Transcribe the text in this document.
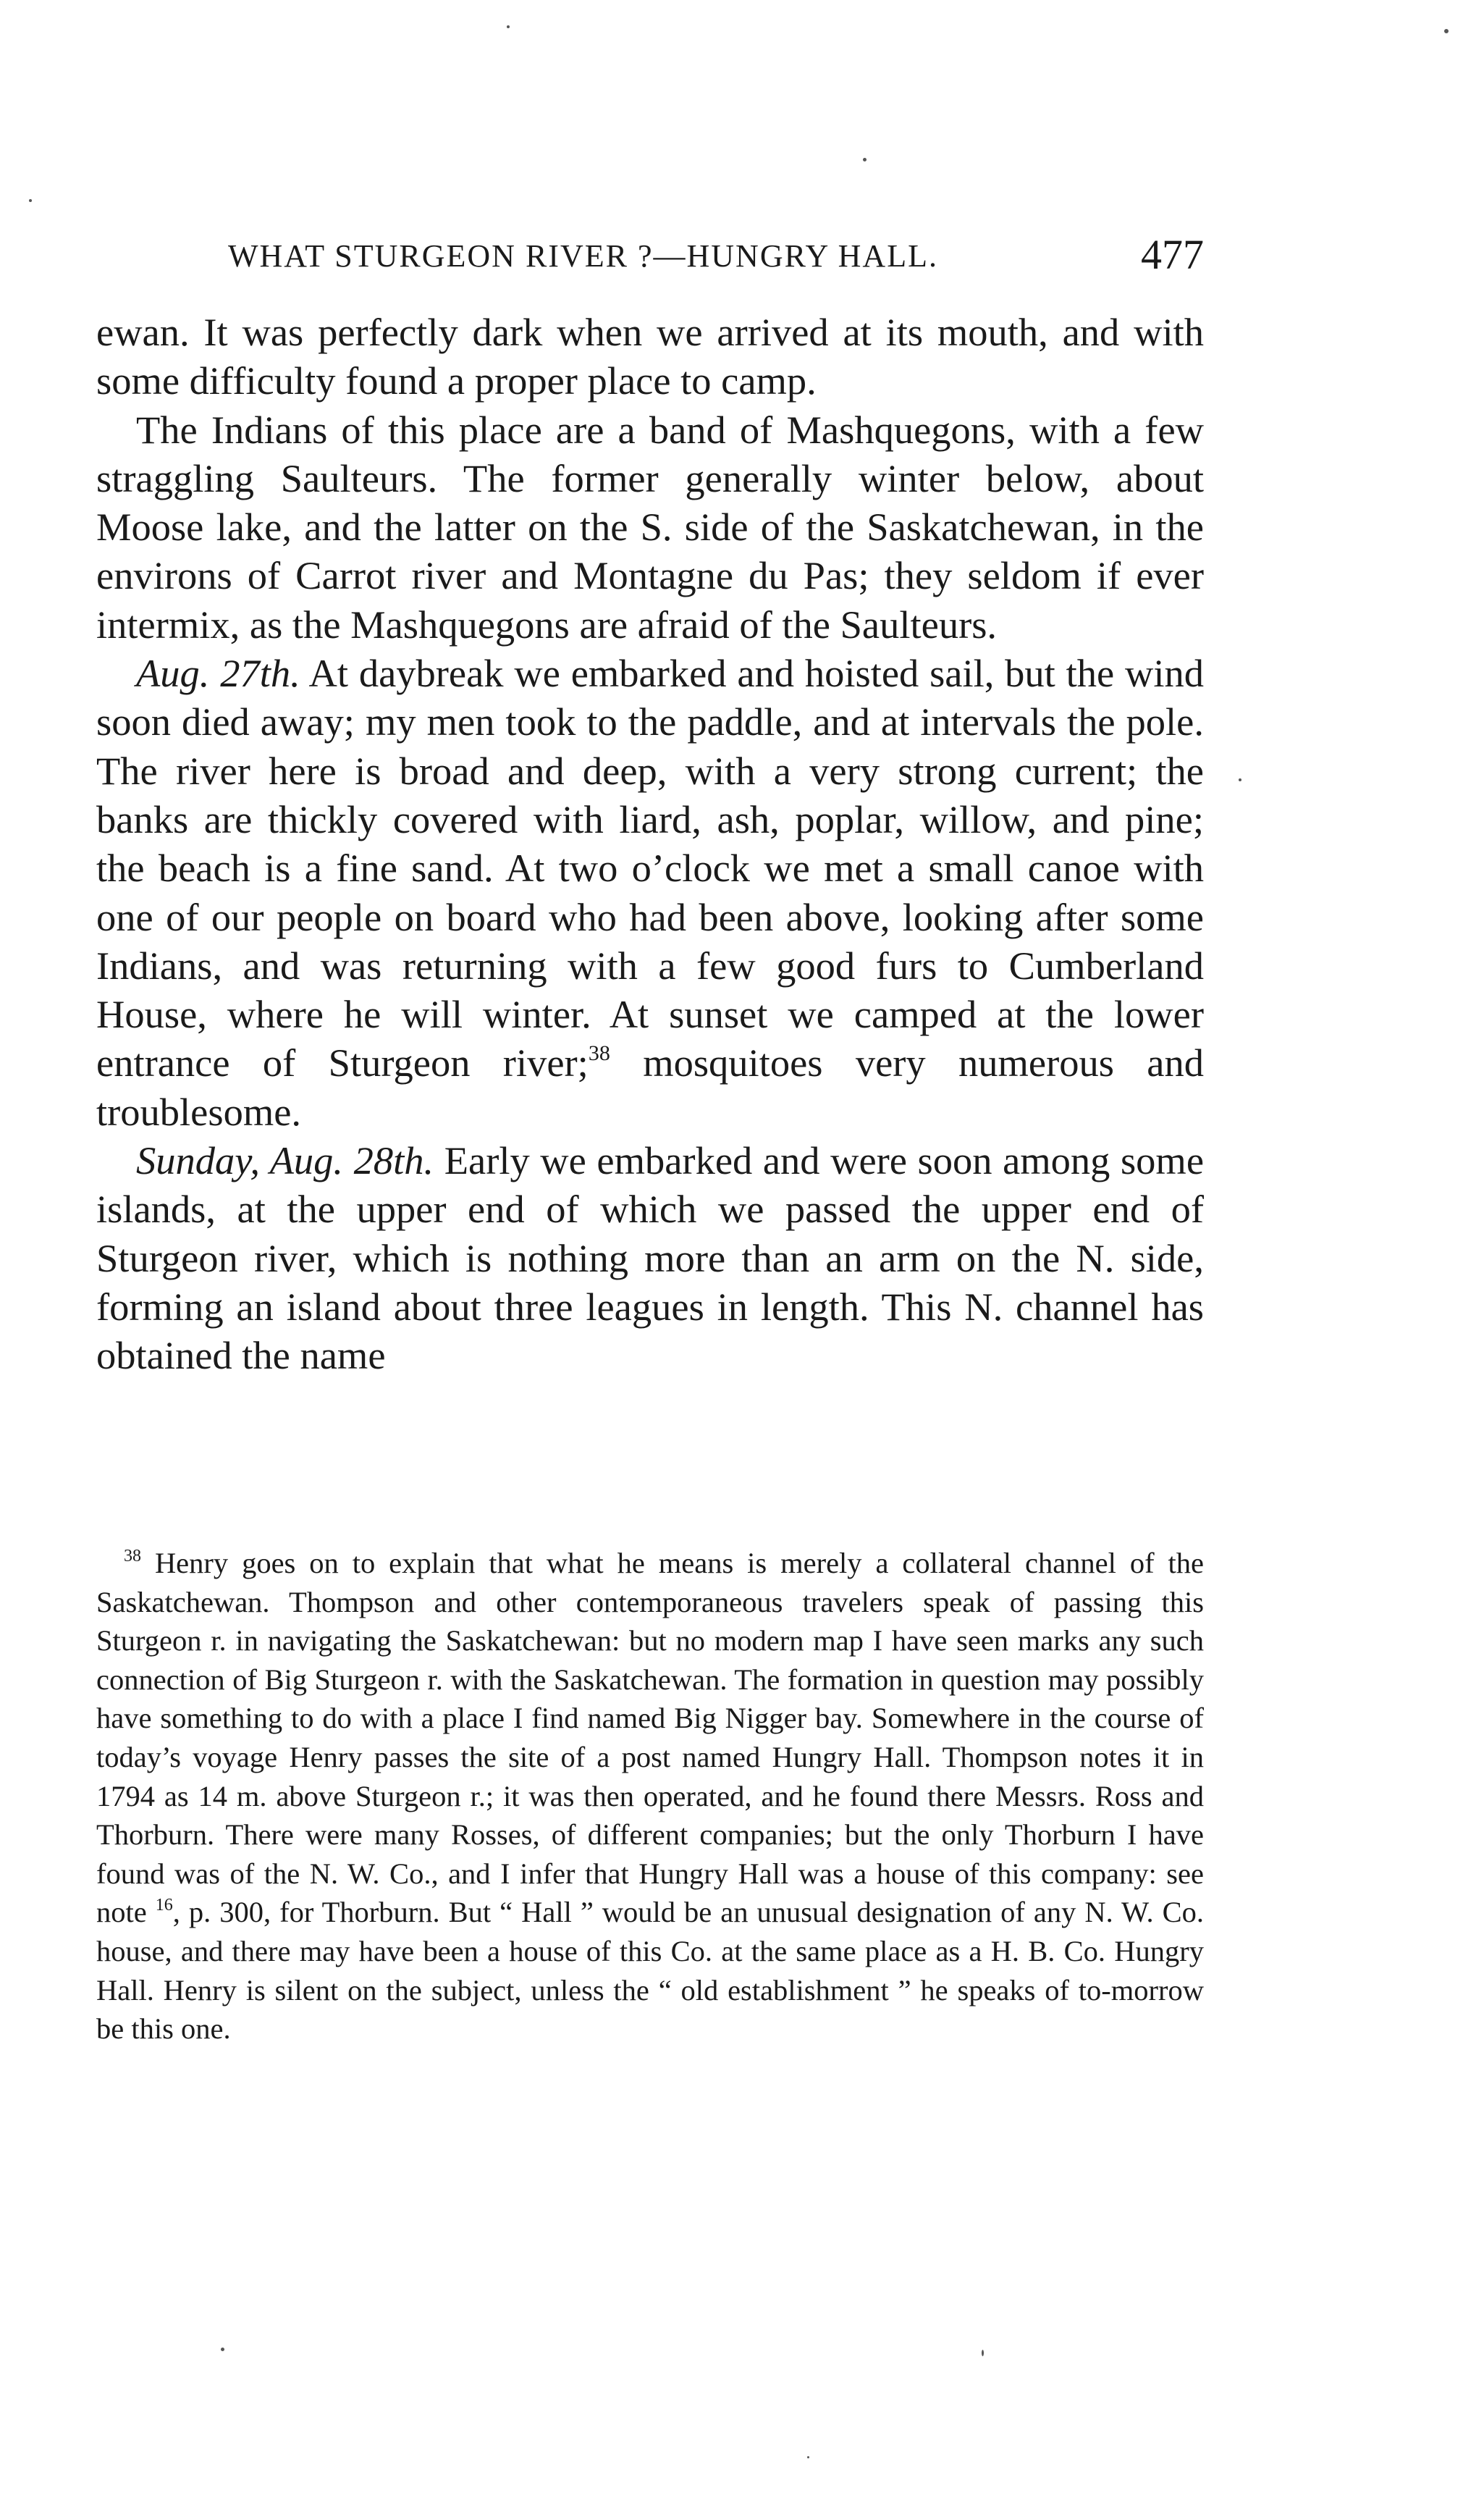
WHAT STURGEON RIVER ?—HUNGRY HALL.	477

ewan. It was perfectly dark when we arrived at its mouth, and with some difficulty found a proper place to camp.

The Indians of this place are a band of Mashquegons, with a few straggling Saulteurs. The former generally winter below, about Moose lake, and the latter on the S. side of the Saskatchewan, in the environs of Carrot river and Montagne du Pas; they seldom if ever intermix, as the Mashquegons are afraid of the Saulteurs.

Aug. 27th. At daybreak we embarked and hoisted sail, but the wind soon died away; my men took to the paddle, and at intervals the pole. The river here is broad and deep, with a very strong current; the banks are thickly covered with liard, ash, poplar, willow, and pine; the beach is a fine sand. At two o’clock we met a small canoe with one of our people on board who had been above, looking after some Indians, and was returning with a few good furs to Cumberland House, where he will winter. At sunset we camped at the lower entrance of Sturgeon river;$^{38}$ mosquitoes very numerous and troublesome.

Sunday, Aug. 28th. Early we embarked and were soon among some islands, at the upper end of which we passed the upper end of Sturgeon river, which is nothing more than an arm on the N. side, forming an island about three leagues in length. This N. channel has obtained the name

$^{38}$ Henry goes on to explain that what he means is merely a collateral channel of the Saskatchewan. Thompson and other contemporaneous travelers speak of passing this Sturgeon r. in navigating the Saskatchewan: but no modern map I have seen marks any such connection of Big Sturgeon r. with the Saskatchewan. The formation in question may possibly have something to do with a place I find named Big Nigger bay. Somewhere in the course of today’s voyage Henry passes the site of a post named Hungry Hall. Thompson notes it in 1794 as 14 m. above Sturgeon r.; it was then operated, and he found there Messrs. Ross and Thorburn. There were many Rosses, of different companies; but the only Thorburn I have found was of the N. W. Co., and I infer that Hungry Hall was a house of this company: see note $^{16}$, p. 300, for Thorburn. But “ Hall ” would be an unusual designation of any N. W. Co. house, and there may have been a house of this Co. at the same place as a H. B. Co. Hungry Hall. Henry is silent on the subject, unless the “ old establishment ” he speaks of to-morrow be this one.
